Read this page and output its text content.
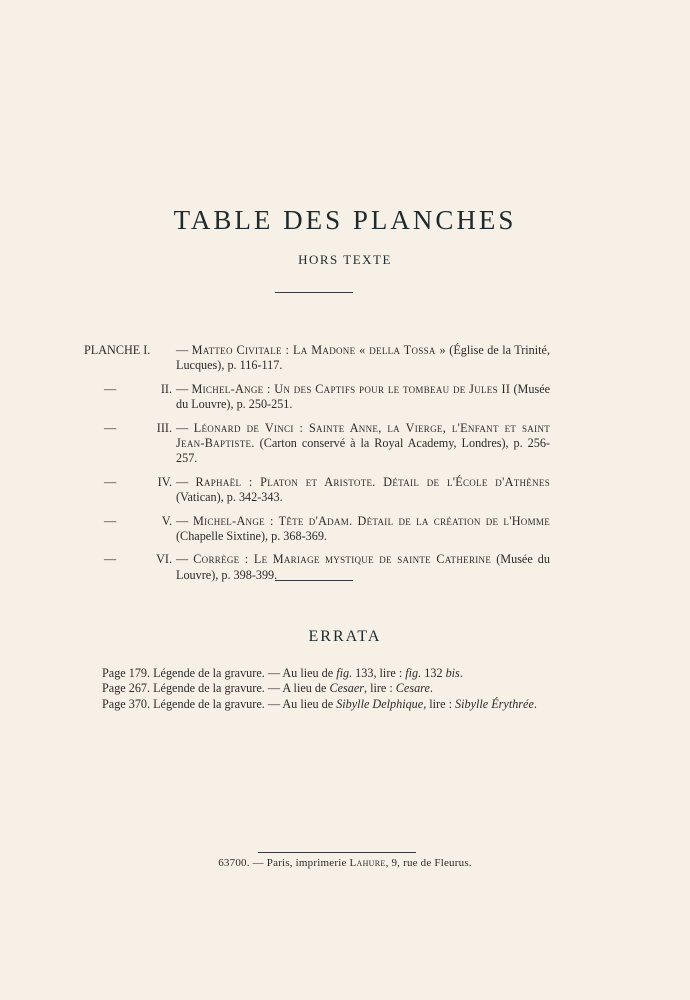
TABLE DES PLANCHES
HORS TEXTE
PLANCHE I. — Matteo Civitale : La Madone « della Tossa » (Église de la Trinité, Lucques), p. 116-117.
—	II. — Michel-Ange : Un des Captifs pour le tombeau de Jules II (Musée du Louvre), p. 250-251.
—	III. — Léonard de Vinci : Sainte Anne, la Vierge, l'Enfant et saint Jean-Baptiste. (Carton conservé à la Royal Academy, Londres), p. 256-257.
—	IV. — Raphaël : Platon et Aristote. Détail de l'École d'Athènes (Vatican), p. 342-343.
—	V. — Michel-Ange : Tête d'Adam. Détail de la création de l'Homme (Chapelle Sixtine), p. 368-369.
—	VI. — Corrège : Le Mariage mystique de sainte Catherine (Musée du Louvre), p. 398-399.
ERRATA
Page 179. Légende de la gravure. — Au lieu de fig. 133, lire : fig. 132 bis.
Page 267. Légende de la gravure. — A lieu de Cesaer, lire : Cesare.
Page 370. Légende de la gravure. — Au lieu de Sibylle Delphique, lire : Sibylle Érythrée.
63700. — Paris, imprimerie Lahure, 9, rue de Fleurus.
